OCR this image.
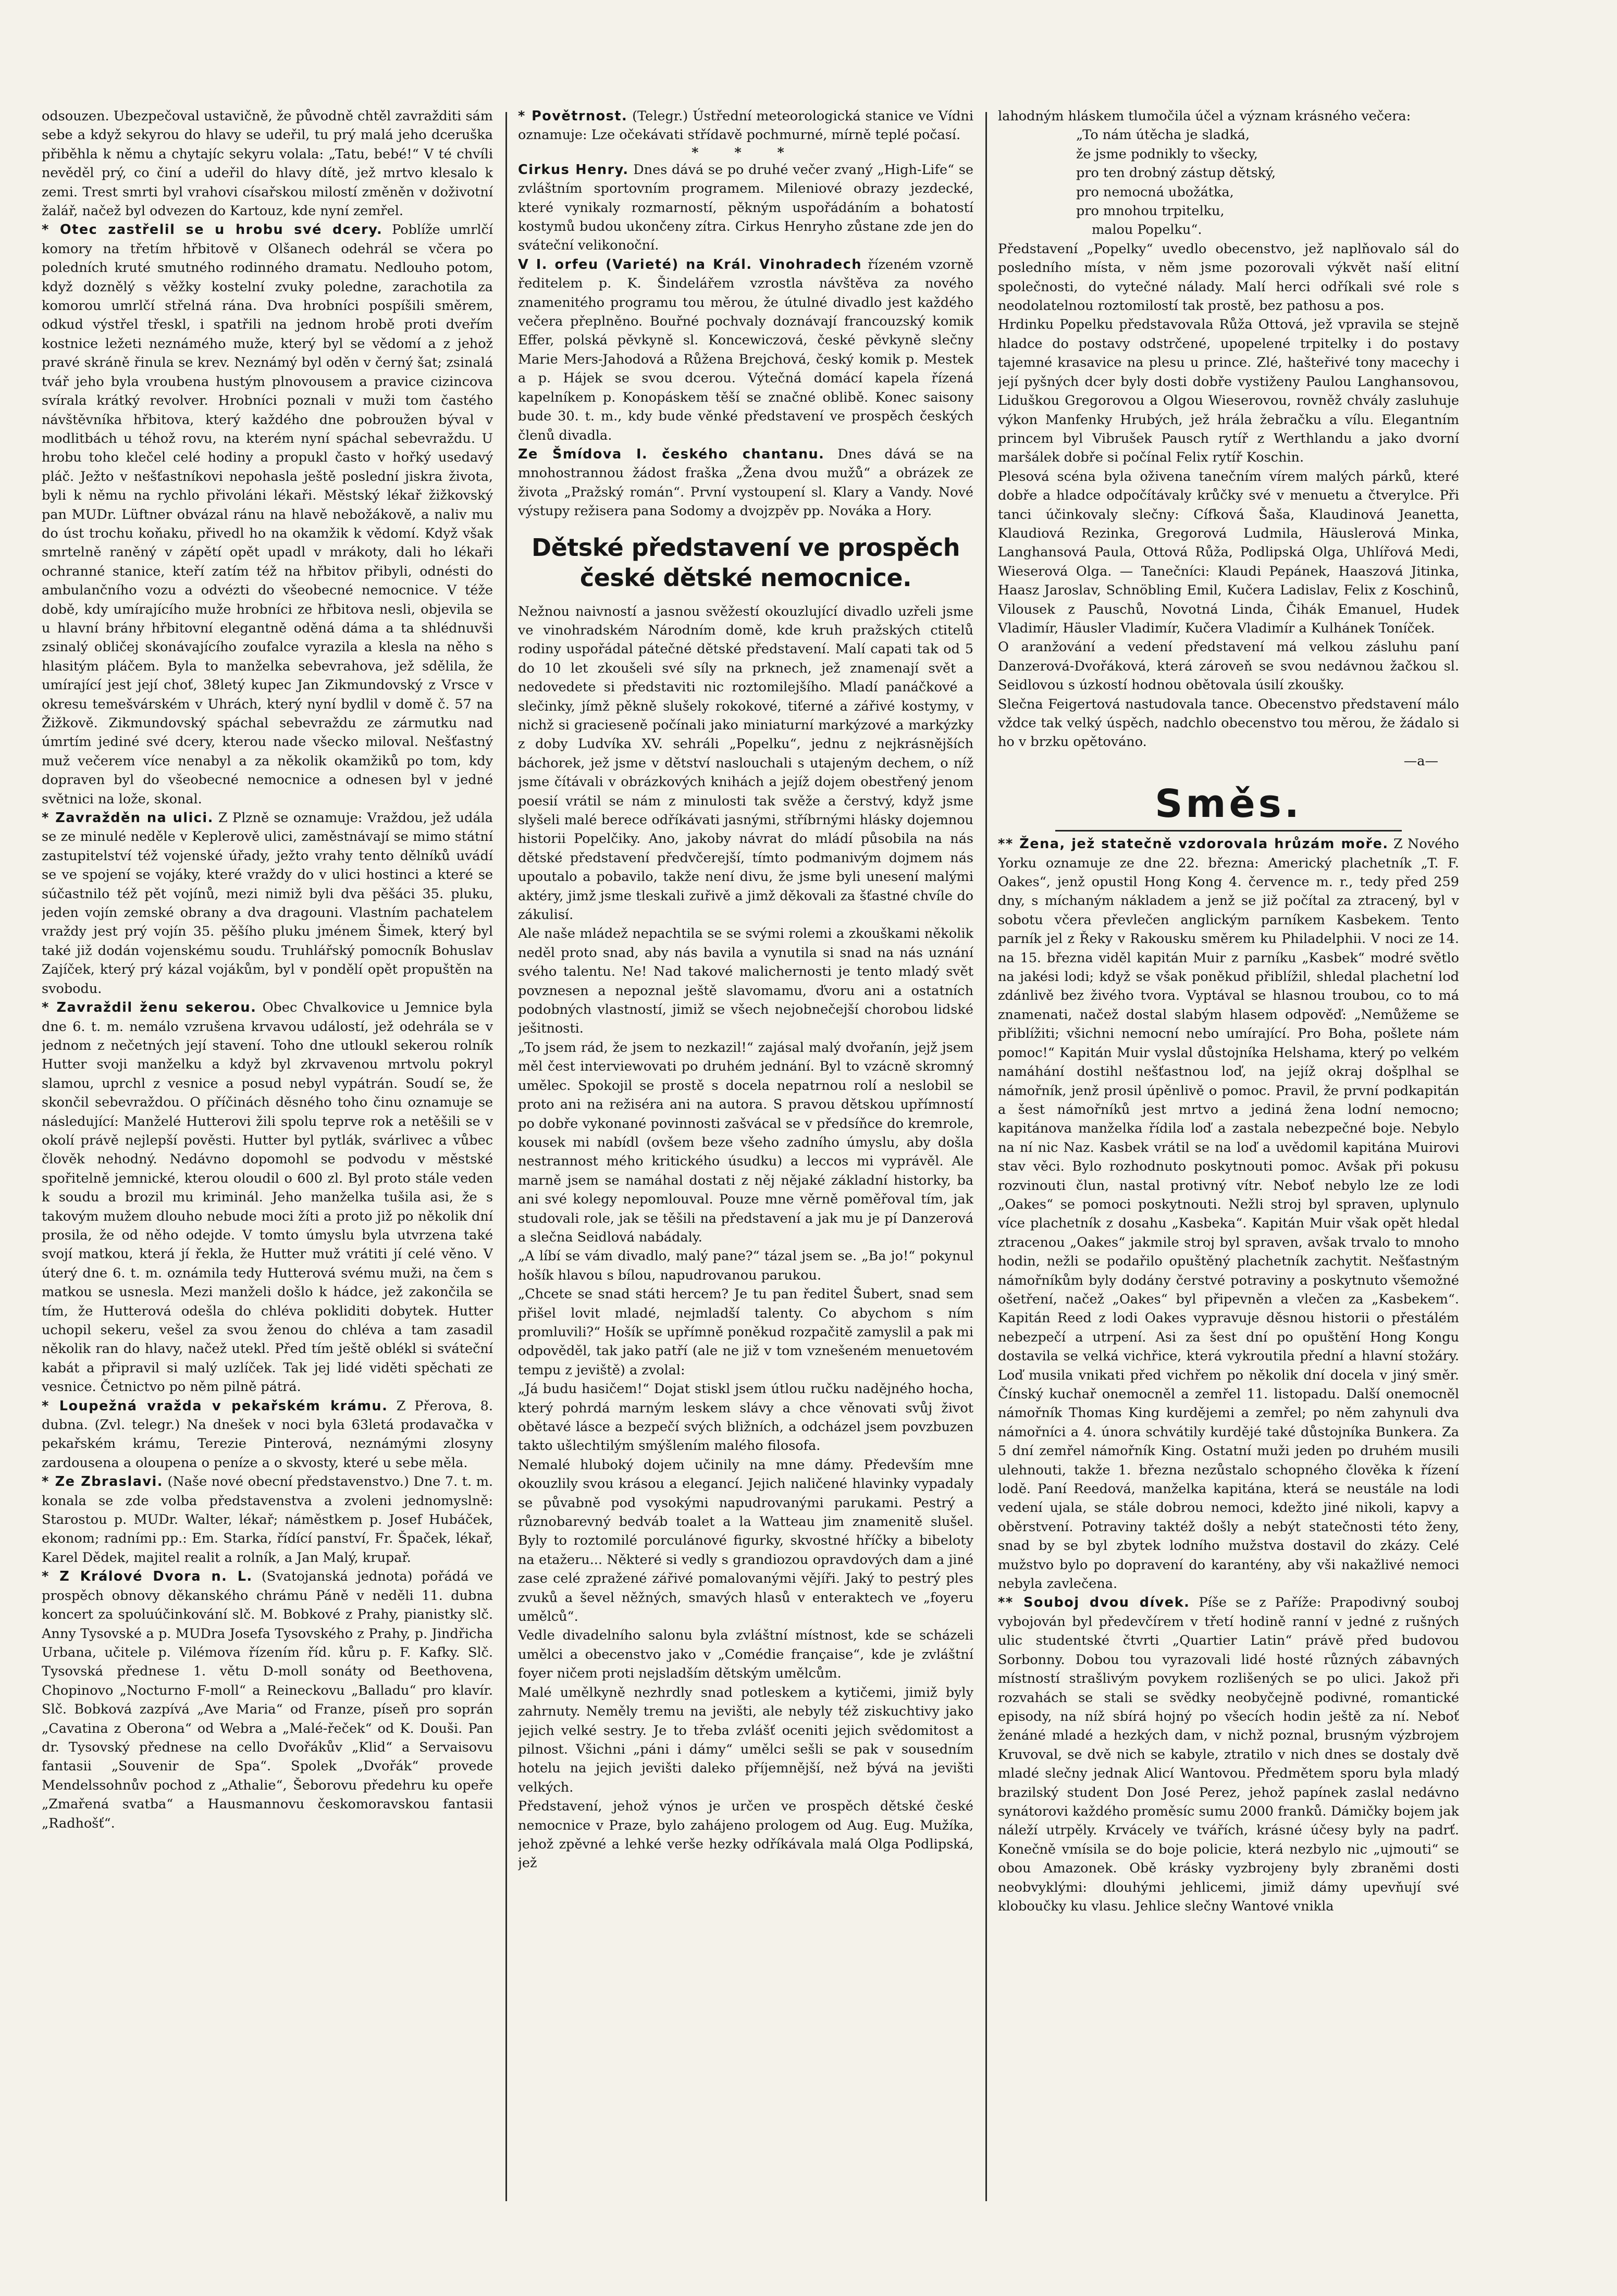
odsouzen. Ubezpečoval ustavičně, že původně chtěl zavražditi sám sebe a když sekyrou do hlavy se udeřil, tu prý malá jeho dceruška přiběhla k němu a chytajíc sekyru volala: „Tatu, bebé!“ V té chvíli nevěděl prý, co činí a udeřil do hlavy dítě, jež mrtvo klesalo k zemi. Trest smrti byl vrahovi císařskou milostí změněn v doživotní žalář, načež byl odvezen do Kartouz, kde nyní zemřel.

* Otec zastřelil se u hrobu své dcery. Poblíže umrlčí komory na třetím hřbitově v Olšanech odehrál se včera po poledních kruté smutného rodinného dramatu. Nedlouho potom, když doznělý s věžky kostelní zvuky poledne, zarachotila za komorou umrlčí střelná rána. Dva hrobníci pospíšili směrem, odkud výstřel třeskl, i spatřili na jednom hrobě proti dveřím kostnice ležeti neznámého muže, který byl se vědomí a z jehož pravé skráně řinula se krev. Neznámý byl oděn v černý šat; zsinalá tvář jeho byla vroubena hustým plnovousem a pravice cizincova svírala krátký revolver. Hrobníci poznali v muži tom častého návštěvníka hřbitova, který každého dne pobroužen býval v modlitbách u téhož rovu, na kterém nyní spáchal sebevraždu. U hrobu toho klečel celé hodiny a propukl často v hořký usedavý pláč. Ježto v nešťastníkovi nepohasla ještě poslední jiskra života, byli k němu na rychlo přivoláni lékaři. Městský lékař žižkovský pan MUDr. Lüftner obvázal ránu na hlavě nebožákově, a naliv mu do úst trochu koňaku, přivedl ho na okamžik k vědomí. Když však smrtelně raněný v zápětí opět upadl v mrákoty, dali ho lékaři ochranné stanice, kteří zatím též na hřbitov přibyli, odnésti do ambulančního vozu a odvézti do všeobecné nemocnice. V téže době, kdy umírajícího muže hrobníci ze hřbitova nesli, objevila se u hlavní brány hřbitovní elegantně oděná dáma a ta shlédnuvši zsinalý obličej skonávajícího zoufalce vyrazila a klesla na něho s hlasitým pláčem. Byla to manželka sebevrahova, jež sdělila, že umírající jest její choť, 38letý kupec Jan Zikmundovský z Vrsce v okresu temešvárském v Uhrách, který nyní bydlil v domě č. 57 na Žižkově. Zikmundovský spáchal sebevraždu ze zármutku nad úmrtím jediné své dcery, kterou nade všecko miloval. Nešťastný muž večerem více nenabyl a za několik okamžiků po tom, kdy dopraven byl do všeobecné nemocnice a odnesen byl v jedné světnici na lože, skonal.

* Zavražděn na ulici. Z Plzně se oznamuje: Vraždou, jež udála se ze minulé neděle v Keplerově ulici, zaměstnávají se mimo státní zastupitelství též vojenské úřady, ježto vrahy tento dělníků uvádí se ve spojení se vojáky, které vraždy do v ulici hostinci a které se súčastnilo též pět vojínů, mezi nimiž byli dva pěšáci 35. pluku, jeden vojín zemské obrany a dva dragouni. Vlastním pachatelem vraždy jest prý vojín 35. pěšího pluku jménem Šimek, který byl také již dodán vojenskému soudu. Truhlářský pomocník Bohuslav Zajíček, který prý kázal vojákům, byl v pondělí opět propuštěn na svobodu.

* Zavraždil ženu sekerou. Obec Chvalkovice u Jemnice byla dne 6. t. m. nemálo vzrušena krvavou událostí, jež odehrála se v jednom z nečetných její stavení. Toho dne utloukl sekerou rolník Hutter svoji manželku a když byl zkrvavenou mrtvolu pokryl slamou, uprchl z vesnice a posud nebyl vypátrán. Soudí se, že skončil sebevraždou. O příčinách děsného toho činu oznamuje se následující: Manželé Hutterovi žili spolu teprve rok a netěšili se v okolí právě nejlepší pověsti. Hutter byl pytlák, svárlivec a vůbec člověk nehodný. Nedávno dopomohl se podvodu v městské spořitelně jemnické, kterou oloudil o 600 zl. Byl proto stále veden k soudu a brozil mu kriminál. Jeho manželka tušila asi, že s takovým mužem dlouho nebude moci žíti a proto již po několik dní prosila, že od něho odejde. V tomto úmyslu byla utvrzena také svojí matkou, která jí řekla, že Hutter muž vrátiti jí celé věno. V úterý dne 6. t. m. oznámila tedy Hutterová svému muži, na čem s matkou se usnesla. Mezi manželi došlo k hádce, jež zakončila se tím, že Hutterová odešla do chléva pokliditi dobytek. Hutter uchopil sekeru, vešel za svou ženou do chléva a tam zasadil několik ran do hlavy, načež utekl. Před tím ještě oblékl si sváteční kabát a připravil si malý uzlíček. Tak jej lidé viděti spěchati ze vesnice. Četnictvo po něm pilně pátrá.

* Loupežná vražda v pekařském krámu. Z Přerova, 8. dubna. (Zvl. telegr.) Na dnešek v noci byla 63letá prodavačka v pekařském krámu, Terezie Pinterová, neznámými zlosyny zardousena a oloupena o peníze a o skvosty, které u sebe měla.

* Ze Zbraslavi. (Naše nové obecní představenstvo.) Dne 7. t. m. konala se zde volba představenstva a zvoleni jednomyslně: Starostou p. MUDr. Walter, lékař; náměstkem p. Josef Hubáček, ekonom; radními pp.: Em. Starka, řídící panství, Fr. Špaček, lékař, Karel Dědek, majitel realit a rolník, a Jan Malý, krupař.

* Z Králové Dvora n. L. (Svatojanská jednota) pořádá ve prospěch obnovy děkanského chrámu Páně v neděli 11. dubna koncert za spoluúčinkování slč. M. Bobkové z Prahy, pianistky slč. Anny Tysovské a p. MUDra Josefa Tysovského z Prahy, p. Jindřicha Urbana, učitele p. Vilémova řízením říd. kůru p. F. Kafky. Slč. Tysovská přednese 1. větu D-moll sonáty od Beethovena, Chopinovo „Nocturno F-moll“ a Reineckovu „Balladu“ pro klavír. Slč. Bobková zazpívá „Ave Maria“ od Franze, píseň pro soprán „Cavatina z Oberona“ od Webra a „Malé-řeček“ od K. Douši. Pan dr. Tysovský přednese na cello Dvořákův „Klid“ a Servaisovu fantasii „Souvenir de Spa“. Spolek „Dvořák“ provede Mendelssohnův pochod z „Athalie“, Šeborovu předehru ku opeře „Zmařená svatba“ a Hausmannovu českomoravskou fantasii „Radhošť“.

* Povětrnost. (Telegr.) Ústřední meteorologická stanice ve Vídni oznamuje: Lze očekávati střídavě pochmurné, mírně teplé počasí.

* * *

Cirkus Henry. Dnes dává se po druhé večer zvaný „High-Life“ se zvláštním sportovním programem. Mileniové obrazy jezdecké, které vynikaly rozmarností, pěkným uspořádáním a bohatostí kostymů budou ukončeny zítra. Cirkus Henryho zůstane zde jen do sváteční velikonoční.

V I. orfeu (Varieté) na Král. Vinohradech řízeném vzorně ředitelem p. K. Šindelářem vzrostla návštěva za nového znamenitého programu tou měrou, že útulné divadlo jest každého večera přeplněno. Bouřné pochvaly doznávají francouzský komik Effer, polská pěvkyně sl. Koncewiczová, české pěvkyně slečny Marie Mers-Jahodová a Růžena Brejchová, český komik p. Mestek a p. Hájek se svou dcerou. Výtečná domácí kapela řízená kapelníkem p. Konopáskem těší se značné oblibě. Konec saisony bude 30. t. m., kdy bude věnké představení ve prospěch českých členů divadla.

Ze Šmídova I. českého chantanu. Dnes dává se na mnohostrannou žádost fraška „Žena dvou mužů“ a obrázek ze života „Pražský román“. První vystoupení sl. Klary a Vandy. Nové výstupy režisera pana Sodomy a dvojzpěv pp. Nováka a Hory.

Dětské představení ve prospěch české dětské nemocnice.

Nežnou naivností a jasnou svěžestí okouzlující divadlo uzřeli jsme ve vinohradském Národním domě, kde kruh pražských ctitelů rodiny uspořádal pátečné dětské představení. Malí capati tak od 5 do 10 let zkoušeli své síly na prknech, jež znamenají svět a nedovedete si představiti nic roztomilejšího. Mladí panáčkové a slečinky, jímž pěkně slušely rokokové, tiťerné a zářivé kostymy, v nichž si gracieseně počínali jako miniaturní markýzové a markýzky z doby Ludvíka XV. sehráli „Popelku“, jednu z nejkrásnějších báchorek, jež jsme v dětství naslouchali s utajeným dechem, o níž jsme čítávali v obrázkových knihách a jejíž dojem obestřený jenom poesií vrátil se nám z minulosti tak svěže a čerstvý, když jsme slyšeli malé berece odříkávati jasnými, stříbrnými hlásky dojemnou historii Popelčiky. Ano, jakoby návrat do mládí působila na nás dětské představení předvčerejší, tímto podmanivým dojmem nás upoutalo a pobavilo, takže není divu, že jsme byli unesení malými aktéry, jimž jsme tleskali zuřivě a jimž děkovali za šťastné chvíle do zákulisí.

Ale naše mládež nepachtila se se svými rolemi a zkouškami několik neděl proto snad, aby nás bavila a vynutila si snad na nás uznání svého talentu. Ne! Nad takové malichernosti je tento mladý svět povznesen a nepoznal ještě slavomamu, ďvoru ani a ostatních podobných vlastností, jimiž se všech nejobnečejší chorobou lidské ješitnosti.

„To jsem rád, že jsem to nezkazil!“ zajásal malý dvořanín, jejž jsem měl čest interviewovati po druhém jednání. Byl to vzácně skromný umělec. Spokojil se prostě s docela nepatrnou rolí a neslobil se proto ani na režiséra ani na autora. S pravou dětskou upřímností po dobře vykonané povinnosti zašvácal se v předsíňce do kremrole, kousek mi nabídl (ovšem beze všeho zadního úmyslu, aby došla nestrannost mého kritického úsudku) a leccos mi vyprávěl. Ale marně jsem se namáhal dostati z něj nějaké základní historky, ba ani své kolegy nepomlouval. Pouze mne věrně poměřoval tím, jak studovali role, jak se těšili na představení a jak mu je pí Danzerová a slečna Seidlová nabádaly.

„A líbí se vám divadlo, malý pane?“ tázal jsem se. „Ba jo!“ pokynul hošík hlavou s bílou, napudrovanou parukou.

„Chcete se snad státi hercem? Je tu pan ředitel Šubert, snad sem přišel lovit mladé, nejmladší talenty. Co abychom s ním promluvili?“ Hošík se upřímně poněkud rozpačitě zamyslil a pak mi odpověděl, tak jako patří (ale ne již v tom vznešeném menuetovém tempu z jeviště) a zvolal:

„Já budu hasičem!“ Dojat stiskl jsem útlou ručku nadějného hocha, který pohrdá marným leskem slávy a chce věnovati svůj život obětavé lásce a bezpečí svých bližních, a odcházel jsem povzbuzen takto ušlechtilým smýšlením malého filosofa.

Nemalé hluboký dojem učinily na mne dámy. Především mne okouzlily svou krásou a elegancí. Jejich naličené hlavinky vypadaly se půvabně pod vysokými napudrovanými parukami. Pestrý a různobarevný bedváb toalet a la Watteau jim znamenitě slušel. Byly to roztomilé porculánové figurky, skvostné hříčky a bibeloty na etažeru... Některé si vedly s grandiozou opravdových dam a jiné zase celé zpražené zářivé pomalovanými vějíři. Jaký to pestrý ples zvuků a ševel něžných, smavých hlasů v enteraktech ve „foyeru umělců“.

Vedle divadelního salonu byla zvláštní místnost, kde se scházeli umělci a obecenstvo jako v „Comédie française“, kde je zvláštní foyer ničem proti nejsladším dětským umělcům.

Malé umělkyně nezhrdly snad potleskem a kytičemi, jimiž byly zahrnuty. Neměly tremu na jevišti, ale nebyly též ziskuchtivy jako jejich velké sestry. Je to třeba zvlášť oceniti jejich svědomitost a pilnost. Všichni „páni i dámy“ umělci sešli se pak v sousedním hotelu na jejich jevišti daleko příjemnější, než bývá na jevišti velkých.

Představení, jehož výnos je určen ve prospěch dětské české nemocnice v Praze, bylo zahájeno prologem od Aug. Eug. Mužíka, jehož zpěvné a lehké verše hezky odříkávala malá Olga Podlipská, jež

lahodným hláskem tlumočila účel a význam krásného večera:

„To nám útěcha je sladká,
že jsme podnikly to všecky,
pro ten drobný zástup dětský,
pro nemocná ubožátka,
pro mnohou trpitelku,
malou Popelku“.

Představení „Popelky“ uvedlo obecenstvo, jež naplňovalo sál do posledního místa, v něm jsme pozorovali výkvět naší elitní společnosti, do vytečné nálady. Malí herci odříkali své role s neodolatelnou roztomilostí tak prostě, bez pathosu a pos.

Hrdinku Popelku představovala Růža Ottová, jež vpravila se stejně hladce do postavy odstrčené, upopelené trpitelky i do postavy tajemné krasavice na plesu u prince. Zlé, hašteřivé tony macechy i její pyšných dcer byly dosti dobře vystiženy Paulou Langhansovou, Liduškou Gregorovou a Olgou Wieserovou, rovněž chvály zasluhuje výkon Manfenky Hrubých, jež hrála žebračku a vílu. Elegantním princem byl Vibrušek Pausch rytíř z Werthlandu a jako dvorní maršálek dobře si počínal Felix rytíř Koschin.

Plesová scéna byla oživena tanečním vírem malých párků, které dobře a hladce odpočítávaly krůčky své v menuetu a čtverylce. Při tanci účinkovaly slečny: Cífková Šaša, Klaudinová Jeanetta, Klaudiová Rezinka, Gregorová Ludmila, Häuslerová Minka, Langhansová Paula, Ottová Růža, Podlipská Olga, Uhlířová Medi, Wieserová Olga. — Tanečníci: Klaudi Pepánek, Haaszová Jitinka, Haasz Jaroslav, Schnöbling Emil, Kučera Ladislav, Felix z Koschinů, Vilousek z Pauschů, Novotná Linda, Čihák Emanuel, Hudek Vladimír, Häusler Vladimír, Kučera Vladimír a Kulhánek Toníček.

O aranžování a vedení představení má velkou zásluhu paní Danzerová-Dvořáková, která zároveň se svou nedávnou žačkou sl. Seidlovou s úzkostí hodnou obětovala úsilí zkoušky.

Slečna Feigertová nastudovala tance. Obecenstvo představení málo vždce tak velký úspěch, nadchlo obecenstvo tou měrou, že žádalo si ho v brzku opětováno.

—a—
Směs.

** Žena, jež statečně vzdorovala hrůzám moře. Z Nového Yorku oznamuje ze dne 22. března: Americký plachetník „T. F. Oakes“, jenž opustil Hong Kong 4. července m. r., tedy před 259 dny, s míchaným nákladem a jenž se již počítal za ztracený, byl v sobotu včera převlečen anglickým parníkem Kasbekem. Tento parník jel z Řeky v Rakousku směrem ku Philadelphii. V noci ze 14. na 15. března viděl kapitán Muir z parníku „Kasbek“ modré světlo na jakési lodi; když se však poněkud přiblížil, shledal plachetní loď zdánlivě bez živého tvora. Vyptával se hlasnou troubou, co to má znamenati, načež dostal slabým hlasem odpověď: „Nemůžeme se přiblížiti; všichni nemocní nebo umírající. Pro Boha, pošlete nám pomoc!“ Kapitán Muir vyslal důstojníka Helshama, který po velkém namáhání dostihl nešťastnou loď, na jejíž okraj došplhal se námořník, jenž prosil úpěnlivě o pomoc. Pravil, že první podkapitán a šest námořníků jest mrtvo a jediná žena lodní nemocno; kapitánova manželka řídila loď a zastala nebezpečné boje. Nebylo na ní nic Naz. Kasbek vrátil se na loď a uvědomil kapitána Muirovi stav věci. Bylo rozhodnuto poskytnouti pomoc. Avšak při pokusu rozvinouti člun, nastal protivný vítr. Neboť nebylo lze ze lodi „Oakes“ se pomoci poskytnouti. Nežli stroj byl spraven, uplynulo více plachetník z dosahu „Kasbeka“. Kapitán Muir však opět hledal ztracenou „Oakes“ jakmile stroj byl spraven, avšak trvalo to mnoho hodin, nežli se podařilo opuštěný plachetník zachytit. Nešťastným námořníkům byly dodány čerstvé potraviny a poskytnuto všemožné ošetření, načež „Oakes“ byl připevněn a vlečen za „Kasbekem“. Kapitán Reed z lodi Oakes vypravuje děsnou historii o přestálém nebezpečí a utrpení. Asi za šest dní po opuštění Hong Kongu dostavila se velká vichřice, která vykroutila přední a hlavní stožáry. Loď musila vnikati před vichřem po několik dní docela v jiný směr. Čínský kuchař onemocněl a zemřel 11. listopadu. Další onemocněl námořník Thomas King kurdějemi a zemřel; po něm zahynuli dva námořníci a 4. února schvátily kurdějé také důstojníka Bunkera. Za 5 dní zemřel námořník King. Ostatní muži jeden po druhém musili ulehnouti, takže 1. března nezůstalo schopného člověka k řízení lodě. Paní Reedová, manželka kapitána, která se neustále na lodi vedení ujala, se stále dobrou nemoci, kdežto jiné nikoli, kapvy a oběrstvení. Potraviny taktéž došly a nebýt statečnosti této ženy, snad by se byl zbytek lodního mužstva dostavil do zkázy. Celé mužstvo bylo po dopravení do karantény, aby vši nakažlivé nemoci nebyla zavlečena.

** Souboj dvou dívek. Píše se z Paříže: Prapodivný souboj vybojován byl předevčírem v třetí hodině ranní v jedné z rušných ulic studentské čtvrti „Quartier Latin“ právě před budovou Sorbonny. Dobou tou vyrazovali lidé hosté různých zábavných místností strašlivým povykem rozlišených se po ulici. Jakož při rozvahách se stali se svědky neobyčejně podivné, romantické episody, na níž sbírá hojný po všecích hodin ještě za ní. Neboť ženáné mladé a hezkých dam, v nichž poznal, brusným výzbrojem Kruvoval, se dvě nich se kabyle, ztratilo v nich dnes se dostaly dvě mladé slečny jednak Alicí Wantovou. Předmětem sporu byla mladý brazilský student Don José Perez, jehož papínek zaslal nedávno synátorovi každého proměsíc sumu 2000 franků. Dámičky bojem jak náleží utrpěly. Krvácely ve tvářích, krásné účesy byly na padrť. Konečně vmísila se do boje policie, která nezbylo nic „ujmouti“ se obou Amazonek. Obě krásky vyzbrojeny byly zbraněmi dosti neobvyklými: dlouhými jehlicemi, jimiž dámy upevňují své kloboučky ku vlasu. Jehlice slečny Wantové vnikla
